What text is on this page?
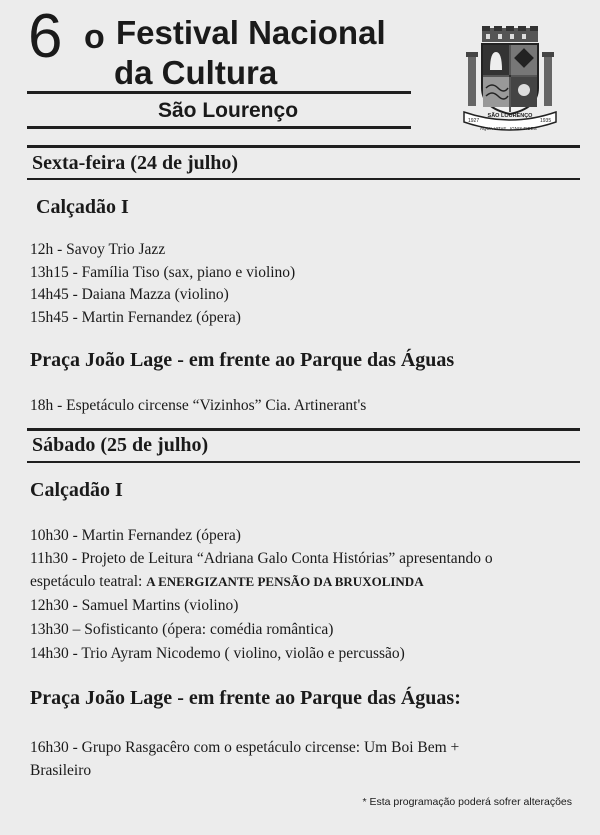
6 o Festival Nacional
da Cultura
São Lourenço	SÃO LOURENÇO
1927	1935
AQUA VITAE IGNIS FIDES
Sexta-feira (24 de julho)
Calçadão I
12h - Savoy Trio Jazz
13h15 - Família Tiso (sax, piano e violino)
14h45 - Daiana Mazza (violino)
15h45 - Martin Fernandez (ópera)
Praça João Lage - em frente ao Parque das Águas
18h - Espetáculo circense “Vizinhos” Cia. Artinerant's
Sábado (25 de julho)
Calçadão I
10h30 - Martin Fernandez (ópera)
11h30 - Projeto de Leitura “Adriana Galo Conta Histórias” apresentando o
espetáculo teatral: A ENERGIZANTE PENSÃO DA BRUXOLINDA
12h30 - Samuel Martins (violino)
13h30 – Sofisticanto (ópera: comédia romântica)
14h30 - Trio Ayram Nicodemo ( violino, violão e percussão)
Praça João Lage - em frente ao Parque das Águas:
16h30 - Grupo Rasgacêro com o espetáculo circense: Um Boi Bem +
Brasileiro
* Esta programação poderá sofrer alterações
